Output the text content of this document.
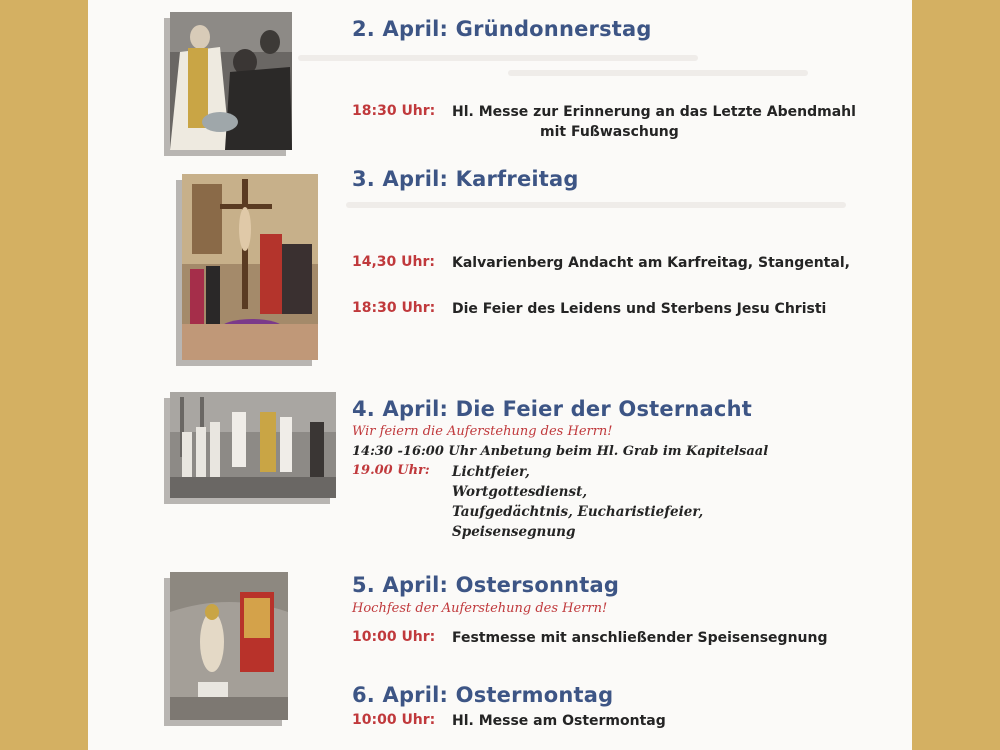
2. April: Gründonnerstag
18:30 Uhr: Hl. Messe zur Erinnerung an das Letzte Abendmahl
mit Fußwaschung
3. April: Karfreitag
14,30 Uhr: Kalvarienberg Andacht am Karfreitag, Stangental,
18:30 Uhr: Die Feier des Leidens und Sterbens Jesu Christi
4. April: Die Feier der Osternacht
Wir feiern die Auferstehung des Herrn!
14:30 -16:00 Uhr Anbetung beim Hl. Grab im Kapitelsaal
19.00 Uhr: Lichtfeier,
Wortgottesdienst,
Taufgedächtnis, Eucharistiefeier,
Speisensegnung
5. April: Ostersonntag
Hochfest der Auferstehung des Herrn!
10:00 Uhr: Festmesse mit anschließender Speisensegnung
6. April: Ostermontag
10:00 Uhr: Hl. Messe am Ostermontag
